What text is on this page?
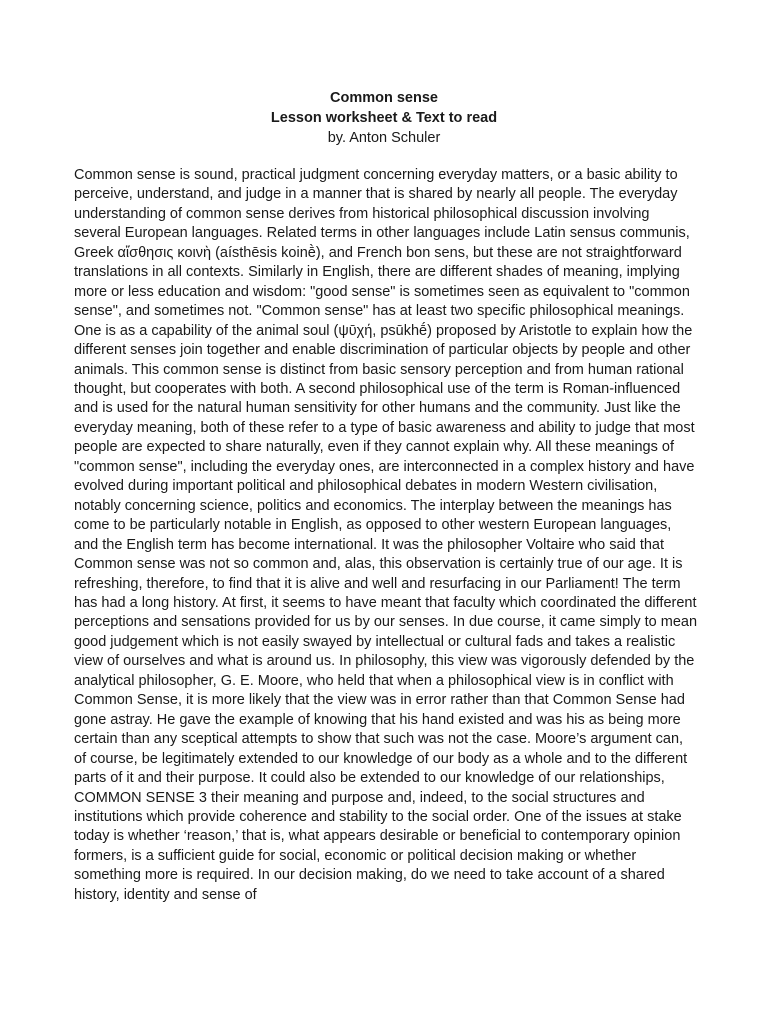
Common sense
Lesson worksheet & Text to read
by. Anton Schuler

Common sense is sound, practical judgment concerning everyday matters, or a basic ability to perceive, understand, and judge in a manner that is shared by nearly all people. The everyday understanding of common sense derives from historical philosophical discussion involving several European languages. Related terms in other languages include Latin sensus communis, Greek αἴσθησις κοινὴ (aísthēsis koinḕ), and French bon sens, but these are not straightforward translations in all contexts. Similarly in English, there are different shades of meaning, implying more or less education and wisdom: "good sense" is sometimes seen as equivalent to "common sense", and sometimes not. "Common sense" has at least two specific philosophical meanings. One is as a capability of the animal soul (ψῡχή, psūkhḗ) proposed by Aristotle to explain how the different senses join together and enable discrimination of particular objects by people and other animals. This common sense is distinct from basic sensory perception and from human rational thought, but cooperates with both. A second philosophical use of the term is Roman-influenced and is used for the natural human sensitivity for other humans and the community. Just like the everyday meaning, both of these refer to a type of basic awareness and ability to judge that most people are expected to share naturally, even if they cannot explain why. All these meanings of "common sense", including the everyday ones, are interconnected in a complex history and have evolved during important political and philosophical debates in modern Western civilisation, notably concerning science, politics and economics. The interplay between the meanings has come to be particularly notable in English, as opposed to other western European languages, and the English term has become international. It was the philosopher Voltaire who said that Common sense was not so common and, alas, this observation is certainly true of our age. It is refreshing, therefore, to find that it is alive and well and resurfacing in our Parliament! The term has had a long history. At first, it seems to have meant that faculty which coordinated the different perceptions and sensations provided for us by our senses. In due course, it came simply to mean good judgement which is not easily swayed by intellectual or cultural fads and takes a realistic view of ourselves and what is around us. In philosophy, this view was vigorously defended by the analytical philosopher, G. E. Moore, who held that when a philosophical view is in conflict with Common Sense, it is more likely that the view was in error rather than that Common Sense had gone astray. He gave the example of knowing that his hand existed and was his as being more certain than any sceptical attempts to show that such was not the case. Moore’s argument can, of course, be legitimately extended to our knowledge of our body as a whole and to the different parts of it and their purpose. It could also be extended to our knowledge of our relationships, COMMON SENSE 3 their meaning and purpose and, indeed, to the social structures and institutions which provide coherence and stability to the social order. One of the issues at stake today is whether ‘reason,’ that is, what appears desirable or beneficial to contemporary opinion formers, is a sufficient guide for social, economic or political decision making or whether something more is required. In our decision making, do we need to take account of a shared history, identity and sense of
